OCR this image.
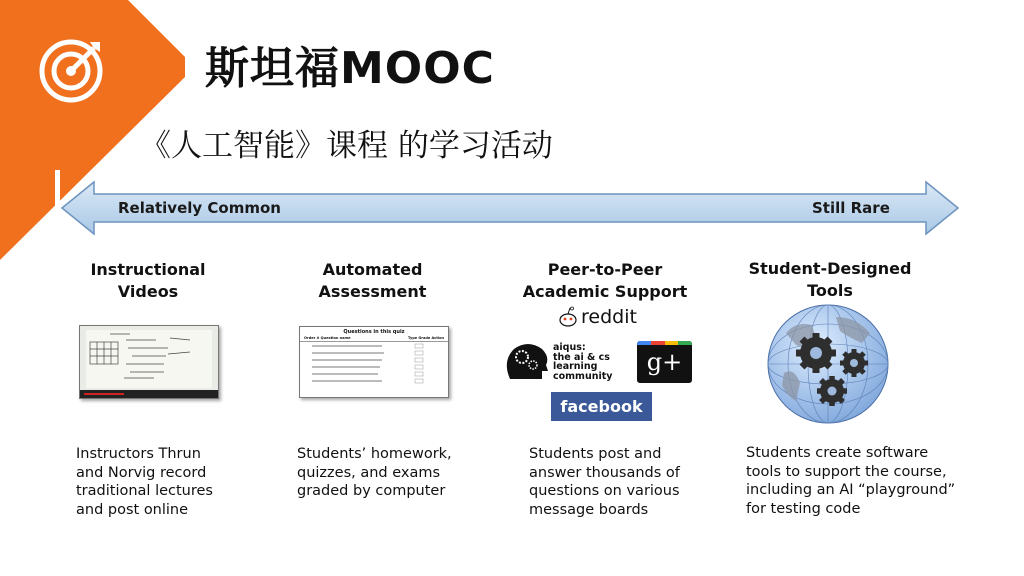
斯坦福MOOC
《人工智能》课程 的学习活动
Relatively Common	Still Rare
Instructional
Videos
Automated
Assessment
Peer-to-Peer
Academic Support
Student-Designed
Tools
Questions in this quiz
Order # Question name	Type Grade Action
reddit
aiqus:
the ai & cs
learning
community	g+
facebook
Instructors Thrun
and Norvig record
traditional lectures
and post online
Students’ homework,
quizzes, and exams
graded by computer
Students post and
answer thousands of
questions on various
message boards
Students create software
tools to support the course,
including an AI “playground”
for testing code
